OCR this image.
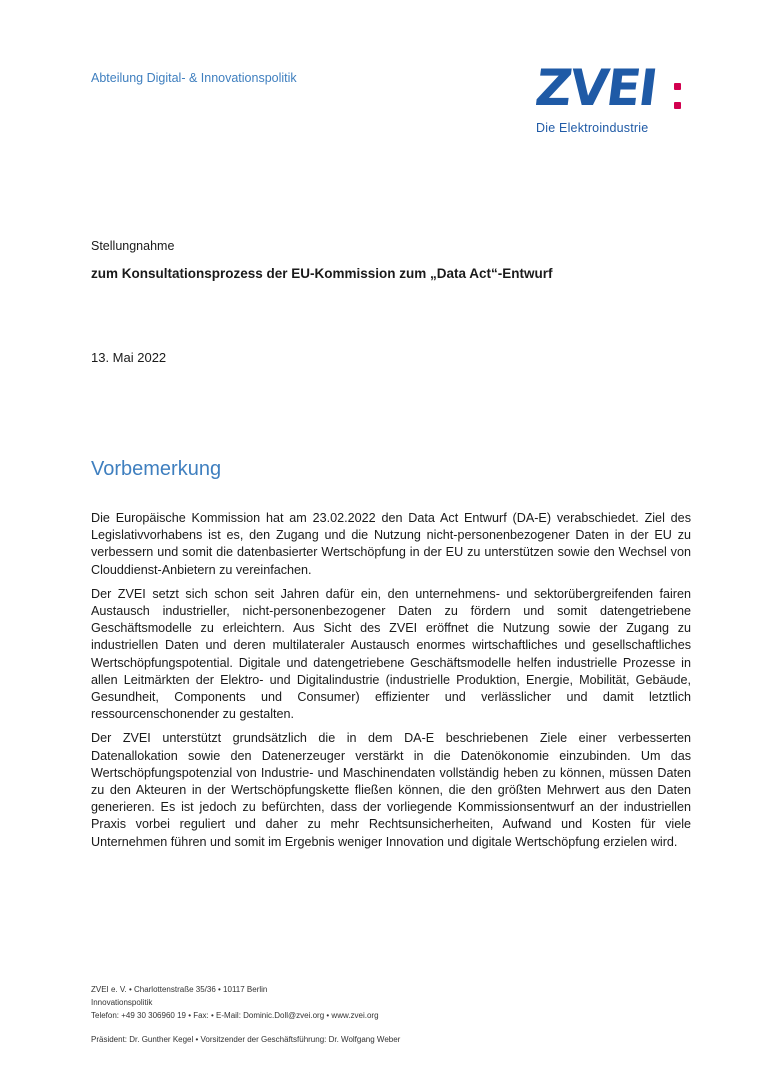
Abteilung Digital- & Innovationspolitik	ZVEI
Die Elektroindustrie
Stellungnahme
zum Konsultationsprozess der EU-Kommission zum „Data Act“-Entwurf
13. Mai 2022
Vorbemerkung

Die Europäische Kommission hat am 23.02.2022 den Data Act Entwurf (DA-E) verabschiedet. Ziel des Legislativvorhabens ist es, den Zugang und die Nutzung nicht-personenbezogener Daten in der EU zu verbessern und somit die datenbasierter Wertschöpfung in der EU zu unterstützen sowie den Wechsel von Clouddienst-Anbietern zu vereinfachen.

Der ZVEI setzt sich schon seit Jahren dafür ein, den unternehmens- und sektorübergreifenden fairen Austausch industrieller, nicht-personenbezogener Daten zu fördern und somit datengetriebene Geschäftsmodelle zu erleichtern. Aus Sicht des ZVEI eröffnet die Nutzung sowie der Zugang zu industriellen Daten und deren multilateraler Austausch enormes wirtschaftliches und gesellschaftliches Wertschöpfungspotential. Digitale und datengetriebene Geschäftsmodelle helfen industrielle Prozesse in allen Leitmärkten der Elektro- und Digitalindustrie (industrielle Produktion, Energie, Mobilität, Gebäude, Gesundheit, Components und Consumer) effizienter und verlässlicher und damit letztlich ressourcenschonender zu gestalten.

Der ZVEI unterstützt grundsätzlich die in dem DA-E beschriebenen Ziele einer verbesserten Datenallokation sowie den Datenerzeuger verstärkt in die Datenökonomie einzubinden. Um das Wertschöpfungspotenzial von Industrie- und Maschinendaten vollständig heben zu können, müssen Daten zu den Akteuren in der Wertschöpfungskette fließen können, die den größten Mehrwert aus den Daten generieren. Es ist jedoch zu befürchten, dass der vorliegende Kommissionsentwurf an der industriellen Praxis vorbei reguliert und daher zu mehr Rechtsunsicherheiten, Aufwand und Kosten für viele Unternehmen führen und somit im Ergebnis weniger Innovation und digitale Wertschöpfung erzielen wird.

ZVEI e. V. • Charlottenstraße 35/36 • 10117 Berlin
Innovationspolitik
Telefon: +49 30 306960 19 • Fax: • E-Mail: Dominic.Doll@zvei.org • www.zvei.org
Präsident: Dr. Gunther Kegel • Vorsitzender der Geschäftsführung: Dr. Wolfgang Weber
